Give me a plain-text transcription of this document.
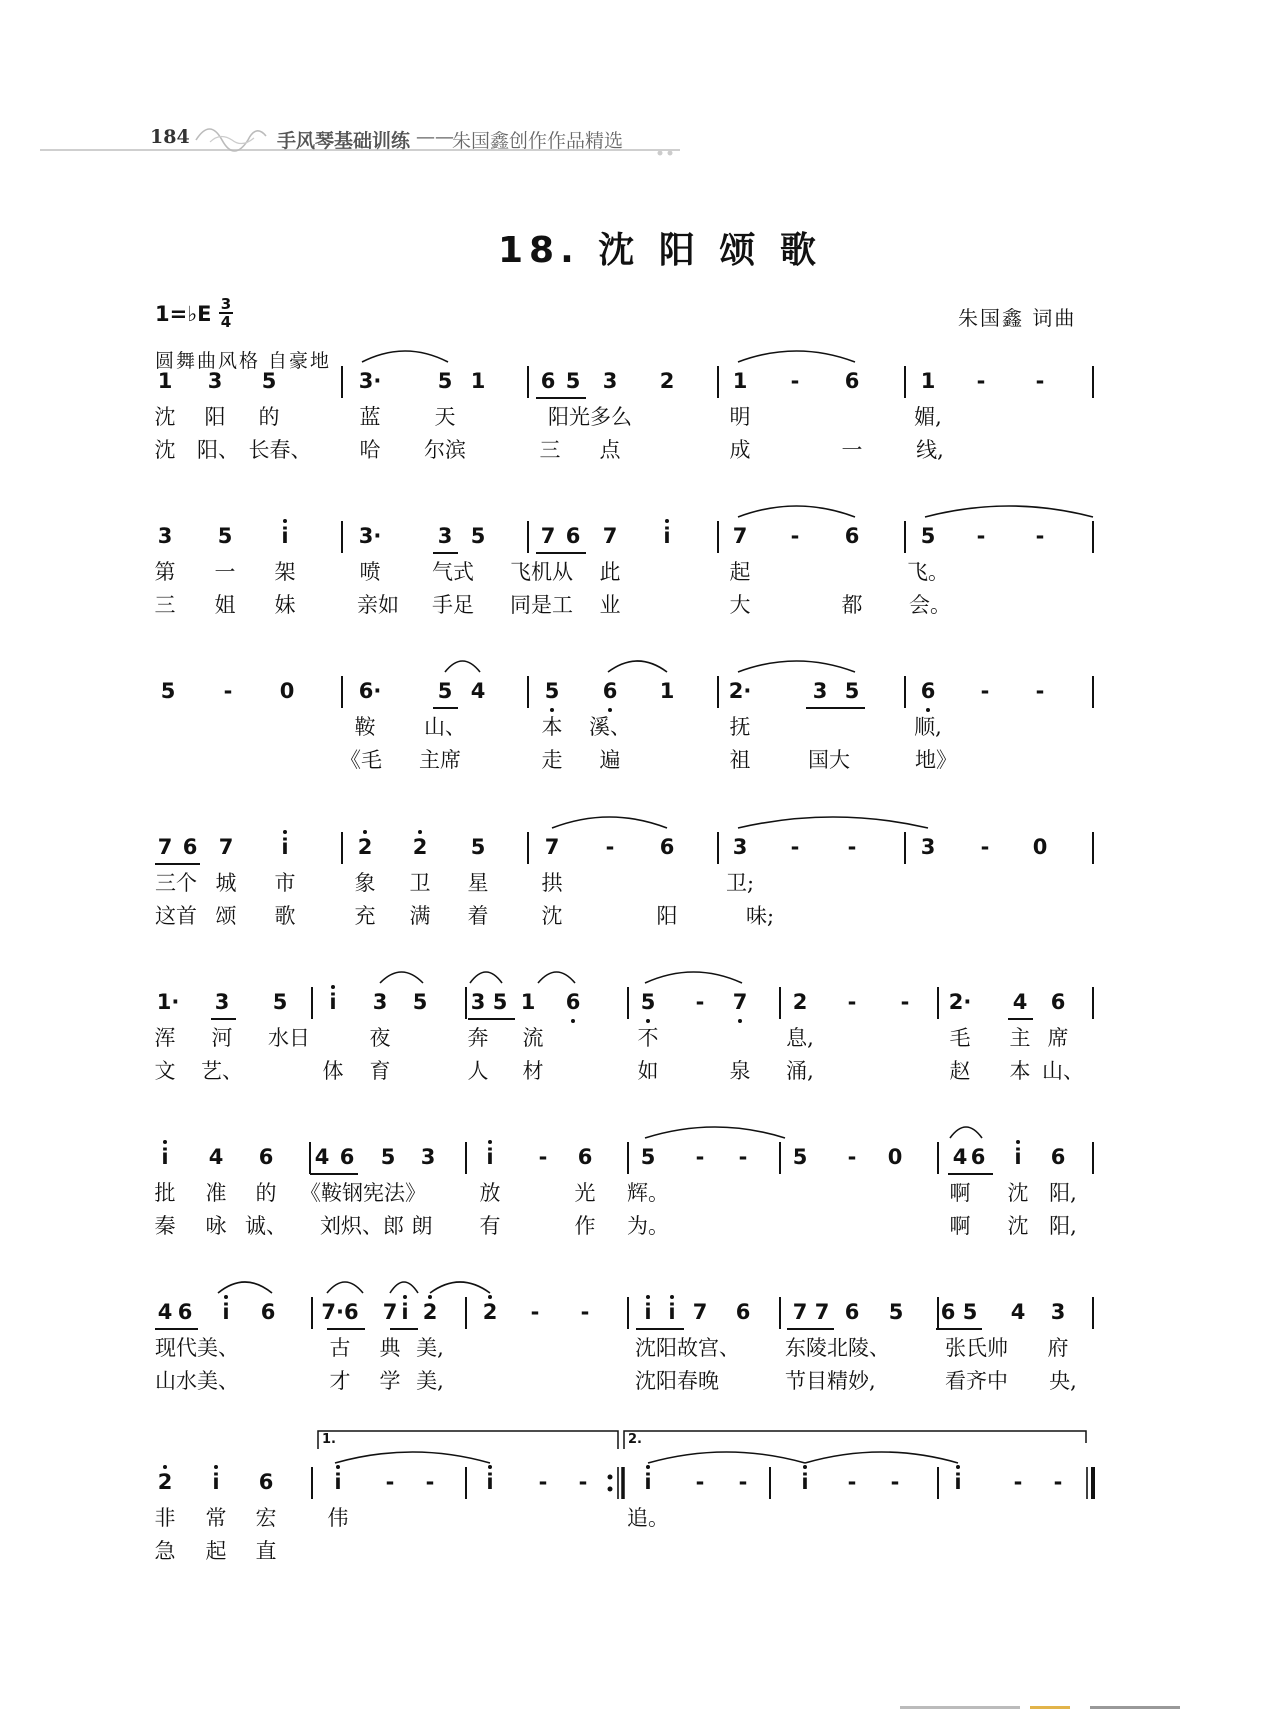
184	手风琴基础训练 ——
朱国鑫创作作品精选
18. 沈 阳 颂 歌
1=♭E 3
4	朱国鑫 词曲
圆舞曲风格 自豪地
1 3 5	3·	5 1	6 5 3 2	1 - 6	1 - -
沈 阳 的	蓝	天	阳光多么	明	媚,
沈 阳、 长春、 哈 尔滨	三 点	成	一	线,
3 5 i	3·	3 5	7 6 7 i	7 - 6	5 - -
第 一 架	喷 气式 飞机从 此	起	飞。
三 姐 妹	亲如 手足 同是工 业	大	都 会。
5 - 0	6·	5 4	5 6 1	2·	3 5	6 - -
鞍 山、	本 溪、	抚	顺,
《毛 主席	走 遍	祖	国大	地》
7 6 7 i	2 2 5	7 - 6	3 - -	3 - 0
三个 城 市	象 卫 星	拱	卫;
这首 颂 歌	充 满 着	沈	阳	味;
1· 3 5 i 3 5 3 5 1 6	5 - 7 2 - - 2· 4 6
浑 河 水日	夜	奔 流	不	息,	毛 主 席
文 艺、	体 育	人 材	如	泉 涌,	赵 本 山、
i 4 6 4 6 5 3 i - 6 5 - - 5 - 0 4 6 i 6
批 准 的 《鞍钢宪法》	放	光 辉。	啊 沈 阳,
秦 咏 诚、 刘炽、郎 朗 有	作 为。	啊 沈 阳,
4 6 i 6 7·6 7 i 2 2 - -	i i 7 6 7 7 6 5 6 5 4 3
现代美、	古 典 美,	沈阳故宫、 东陵北陵、	张氏帅 府
山水美、	才 学 美,	沈阳春晚	节目精妙,	看齐中 央,
2 i 6	i - - i - -	i - -	i - -	i - -
非 常 宏 伟	追。
急 起 直
1.	2.
